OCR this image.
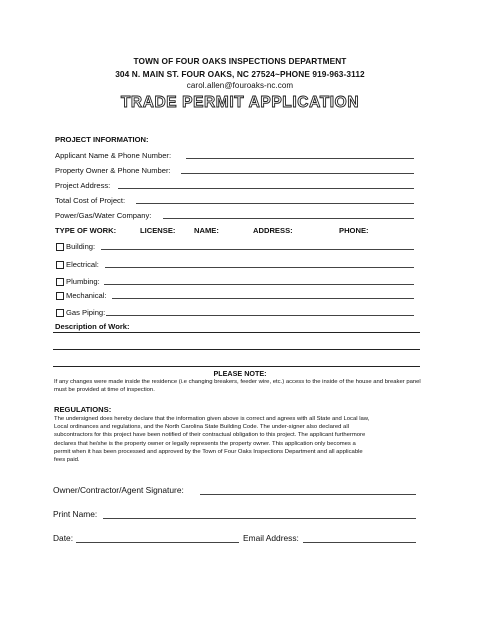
TOWN OF FOUR OAKS INSPECTIONS DEPARTMENT
304 N. MAIN ST. FOUR OAKS, NC 27524~PHONE 919-963-3112
carol.allen@fouroaks-nc.com
TRADE PERMIT APPLICATION
PROJECT INFORMATION:
Applicant Name & Phone Number:
Property Owner & Phone Number:
Project Address:
Total Cost of Project:
Power/Gas/Water Company:
TYPE OF WORK:	LICENSE: NAME:	ADDRESS:	PHONE:
Building:
Electrical:
Plumbing:
Mechanical:
Gas Piping:
Description of Work:
PLEASE NOTE:
If any changes were made inside the residence (i.e changing breakers, feeder wire, etc.) access to the inside of the house and breaker panel must be provided at time of inspection.
REGULATIONS:
The undersigned does hereby declare that the information given above is correct and agrees with all State and Local law,
Local ordinances and regulations, and the North Carolina State Building Code. The under-signer also declared all
subcontractors for this project have been notified of their contractual obligation to this project. The applicant furthermore
declares that he/she is the property owner or legally represents the property owner. This application only becomes a
permit when it has been processed and approved by the Town of Four Oaks Inspections Department and all applicable
fees paid.
Owner/Contractor/Agent Signature:
Print Name:
Date:	Email Address:
